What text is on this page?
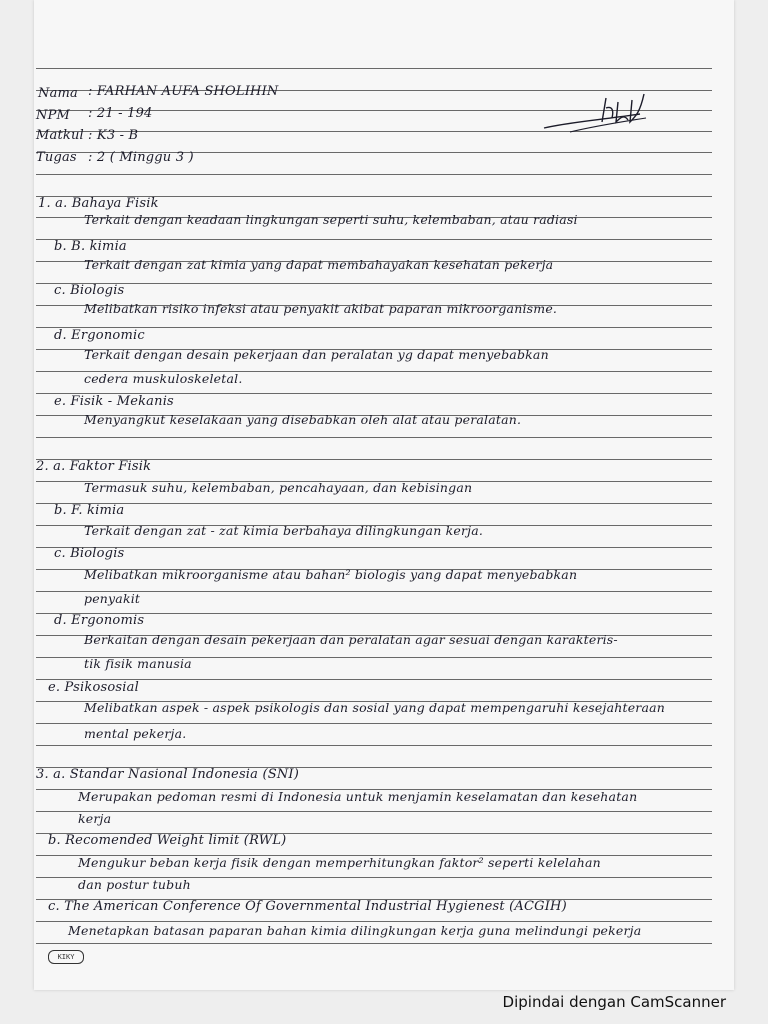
Nama : FARHAN AUFA SHOLIHIN
NPM : 21 - 194
Matkul : K3 - B
Tugas : 2 ( Minggu 3 )
1. a. Bahaya Fisik
Terkait dengan keadaan lingkungan seperti suhu, kelembaban, atau radiasi
b. B. kimia
Terkait dengan zat kimia yang dapat membahayakan kesehatan pekerja
c. Biologis
Melibatkan risiko infeksi atau penyakit akibat paparan mikroorganisme.
d. Ergonomic
Terkait dengan desain pekerjaan dan peralatan yg dapat menyebabkan
cedera muskuloskeletal.
e. Fisik - Mekanis
Menyangkut keselakaan yang disebabkan oleh alat atau peralatan.
2. a. Faktor Fisik
Termasuk suhu, kelembaban, pencahayaan, dan kebisingan
b. F. kimia
Terkait dengan zat - zat kimia berbahaya dilingkungan kerja.
c. Biologis
Melibatkan mikroorganisme atau bahan² biologis yang dapat menyebabkan
penyakit
d. Ergonomis
Berkaitan dengan desain pekerjaan dan peralatan agar sesuai dengan karakteris-
tik fisik manusia
e. Psikososial
Melibatkan aspek - aspek psikologis dan sosial yang dapat mempengaruhi kesejahteraan
mental pekerja.
3. a. Standar Nasional Indonesia (SNI)
Merupakan pedoman resmi di Indonesia untuk menjamin keselamatan dan kesehatan
kerja
b. Recomended Weight limit (RWL)
Mengukur beban kerja fisik dengan memperhitungkan faktor² seperti kelelahan
dan postur tubuh
c. The American Conference Of Governmental Industrial Hygienest (ACGIH)
Menetapkan batasan paparan bahan kimia dilingkungan kerja guna melindungi pekerja
KIKY
Dipindai dengan CamScanner
